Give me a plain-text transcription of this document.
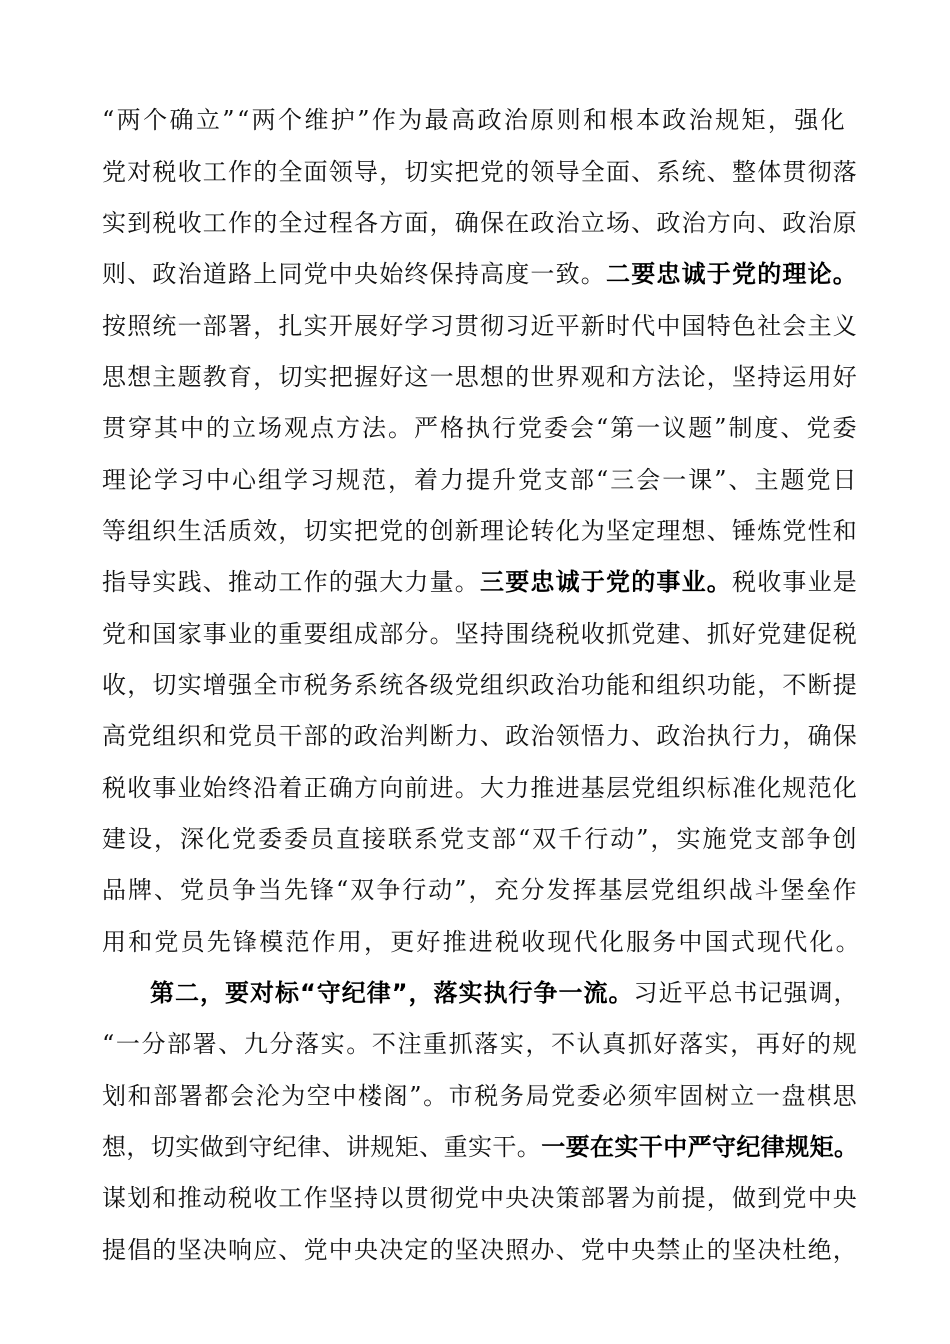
“两个确立”“两个维护”作为最高政治原则和根本政治规矩，强化
党对税收工作的全面领导，切实把党的领导全面、系统、整体贯彻落
实到税收工作的全过程各方面，确保在政治立场、政治方向、政治原
则、政治道路上同党中央始终保持高度一致。二要忠诚于党的理论。
按照统一部署，扎实开展好学习贯彻习近平新时代中国特色社会主义
思想主题教育，切实把握好这一思想的世界观和方法论，坚持运用好
贯穿其中的立场观点方法。严格执行党委会“第一议题”制度、党委
理论学习中心组学习规范，着力提升党支部“三会一课”、主题党日
等组织生活质效，切实把党的创新理论转化为坚定理想、锤炼党性和
指导实践、推动工作的强大力量。三要忠诚于党的事业。税收事业是
党和国家事业的重要组成部分。坚持围绕税收抓党建、抓好党建促税
收，切实增强全市税务系统各级党组织政治功能和组织功能，不断提
高党组织和党员干部的政治判断力、政治领悟力、政治执行力，确保
税收事业始终沿着正确方向前进。大力推进基层党组织标准化规范化
建设，深化党委委员直接联系党支部“双千行动”，实施党支部争创
品牌、党员争当先锋“双争行动”，充分发挥基层党组织战斗堡垒作
用和党员先锋模范作用，更好推进税收现代化服务中国式现代化。
第二，要对标“守纪律”，落实执行争一流。习近平总书记强调，
“一分部署、九分落实。不注重抓落实，不认真抓好落实，再好的规
划和部署都会沦为空中楼阁”。市税务局党委必须牢固树立一盘棋思
想，切实做到守纪律、讲规矩、重实干。一要在实干中严守纪律规矩。
谋划和推动税收工作坚持以贯彻党中央决策部署为前提，做到党中央
提倡的坚决响应、党中央决定的坚决照办、党中央禁止的坚决杜绝，
